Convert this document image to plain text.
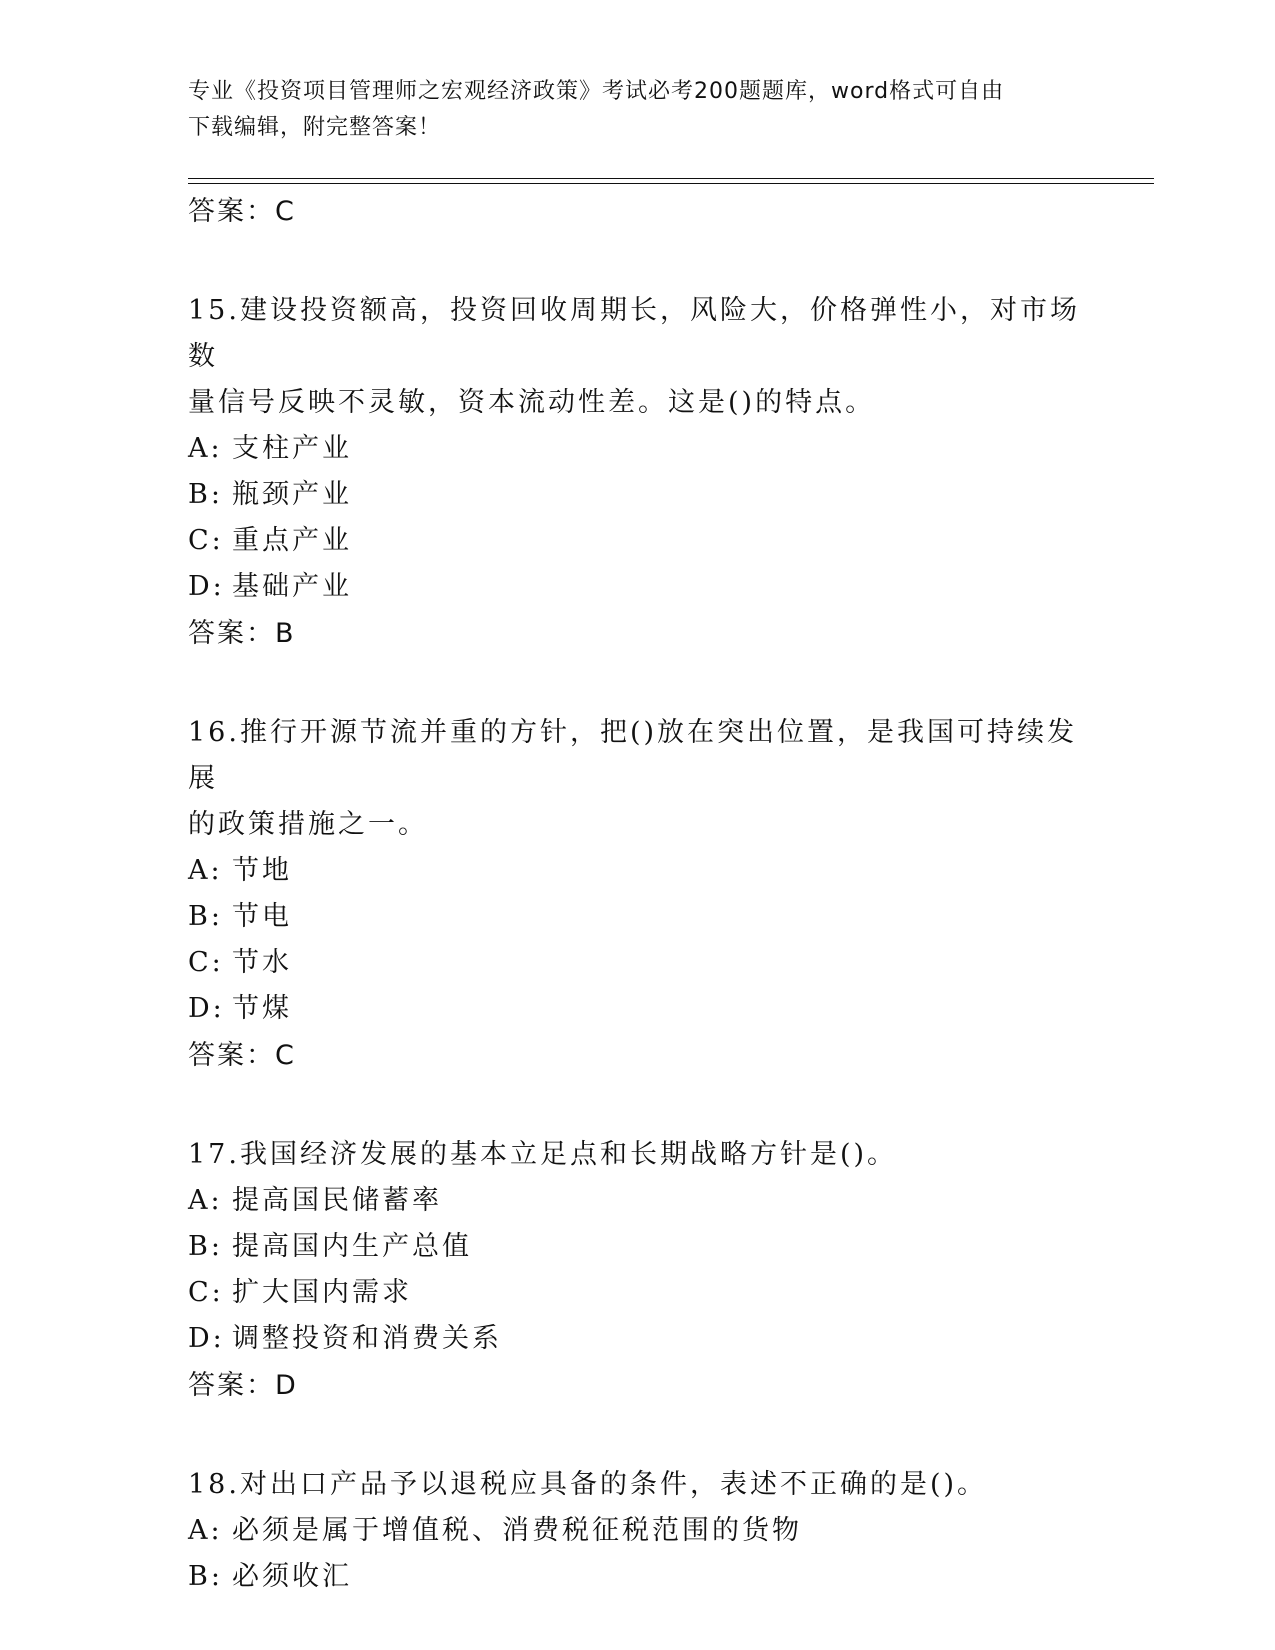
专业《投资项目管理师之宏观经济政策》考试必考200题题库，word格式可自由
下载编辑，附完整答案！

答案：C

15.建设投资额高，投资回收周期长，风险大，价格弹性小，对市场数

量信号反映不灵敏，资本流动性差。这是()的特点。

A: 支柱产业

B: 瓶颈产业

C: 重点产业

D: 基础产业

答案：B

16.推行开源节流并重的方针，把()放在突出位置，是我国可持续发展

的政策措施之一。

A: 节地

B: 节电

C: 节水

D: 节煤

答案：C

17.我国经济发展的基本立足点和长期战略方针是()。

A: 提高国民储蓄率

B: 提高国内生产总值

C: 扩大国内需求

D: 调整投资和消费关系

答案：D

18.对出口产品予以退税应具备的条件，表述不正确的是()。

A: 必须是属于增值税、消费税征税范围的货物

B: 必须收汇
